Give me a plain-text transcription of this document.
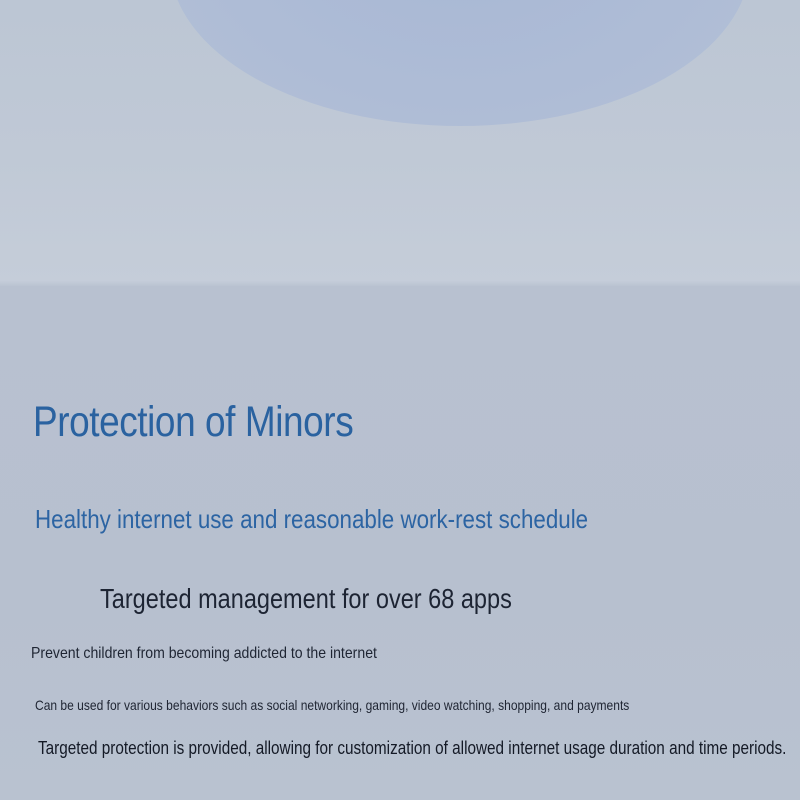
Protection of Minors
Healthy internet use and reasonable work-rest schedule
Targeted management for over 68 apps
Prevent children from becoming addicted to the internet
Can be used for various behaviors such as social networking, gaming, video watching, shopping, and payments
Targeted protection is provided, allowing for customization of allowed internet usage duration and time periods.
